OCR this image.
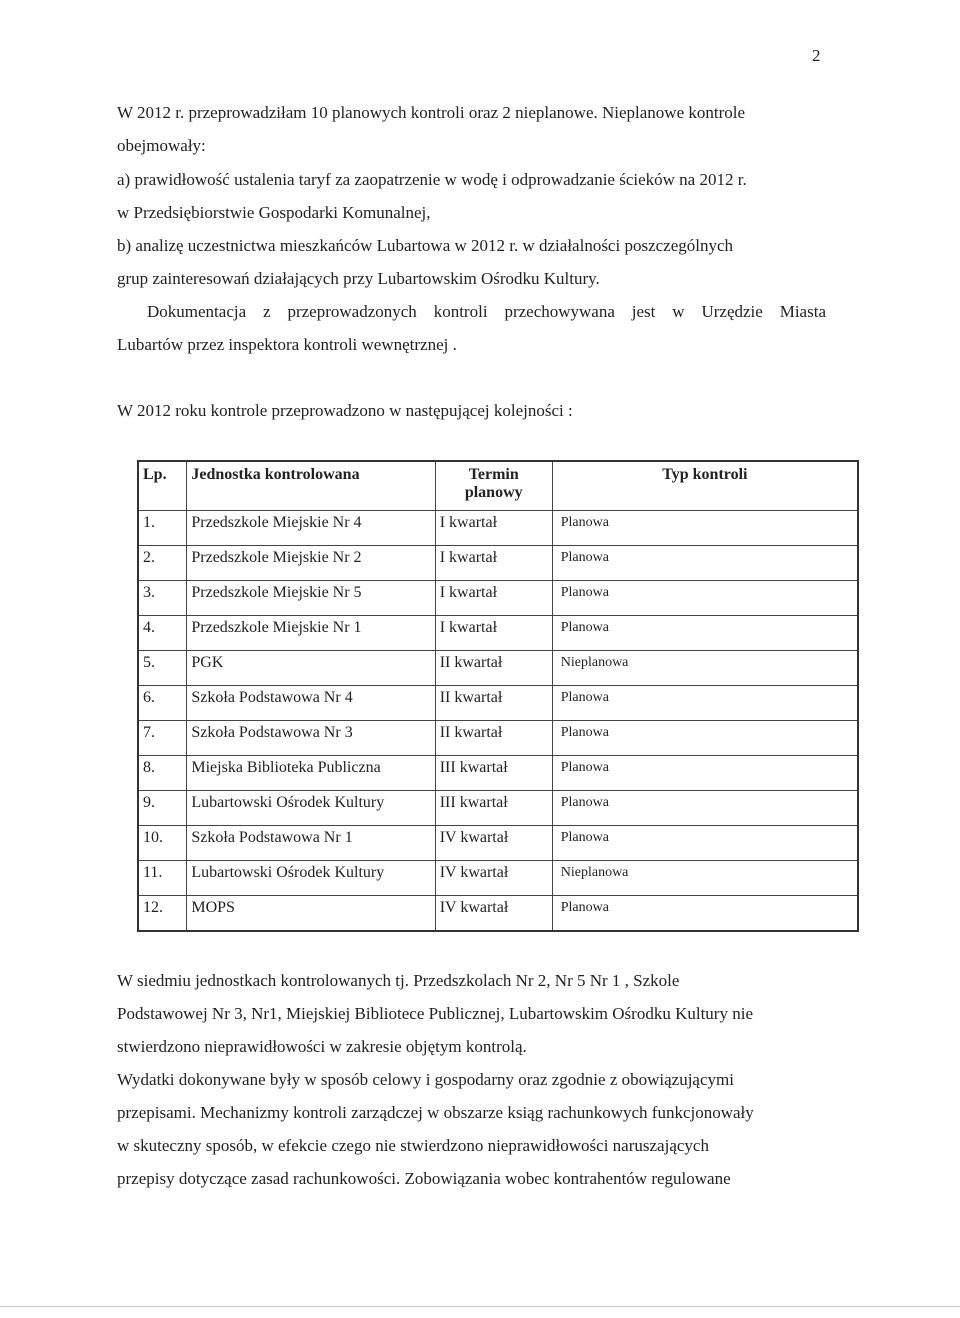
2
W 2012 r. przeprowadziłam 10 planowych kontroli oraz 2 nieplanowe. Nieplanowe kontrole
obejmowały:
a) prawidłowość ustalenia taryf za zaopatrzenie w wodę i odprowadzanie ścieków na 2012 r.
w Przedsiębiorstwie Gospodarki Komunalnej,
b) analizę uczestnictwa mieszkańców Lubartowa w 2012 r. w działalności poszczególnych
grup zainteresowań działających przy Lubartowskim Ośrodku Kultury.
Dokumentacja z przeprowadzonych kontroli przechowywana jest w Urzędzie Miasta
Lubartów przez inspektora kontroli wewnętrznej .
W 2012 roku kontrole przeprowadzono w następującej kolejności :
Lp.	Jednostka kontrolowana	Termin planowy	Typ kontroli
1.	Przedszkole Miejskie Nr 4	I kwartał	Planowa
2.	Przedszkole Miejskie Nr 2	I kwartał	Planowa
3.	Przedszkole Miejskie Nr 5	I kwartał	Planowa
4.	Przedszkole Miejskie Nr 1	I kwartał	Planowa
5.	PGK	II kwartał	Nieplanowa
6.	Szkoła Podstawowa Nr 4	II kwartał	Planowa
7.	Szkoła Podstawowa Nr 3	II kwartał	Planowa
8.	Miejska Biblioteka Publiczna	III kwartał	Planowa
9.	Lubartowski Ośrodek Kultury	III kwartał	Planowa
10.	Szkoła Podstawowa Nr 1	IV kwartał	Planowa
11.	Lubartowski Ośrodek Kultury	IV kwartał	Nieplanowa
12.	MOPS	IV kwartał	Planowa
W siedmiu jednostkach kontrolowanych tj. Przedszkolach Nr 2, Nr 5 Nr 1 , Szkole
Podstawowej Nr 3, Nr1, Miejskiej Bibliotece Publicznej, Lubartowskim Ośrodku Kultury nie
stwierdzono nieprawidłowości w zakresie objętym kontrolą.
Wydatki dokonywane były w sposób celowy i gospodarny oraz zgodnie z obowiązującymi
przepisami. Mechanizmy kontroli zarządczej w obszarze ksiąg rachunkowych funkcjonowały
w skuteczny sposób, w efekcie czego nie stwierdzono nieprawidłowości naruszających
przepisy dotyczące zasad rachunkowości. Zobowiązania wobec kontrahentów regulowane
